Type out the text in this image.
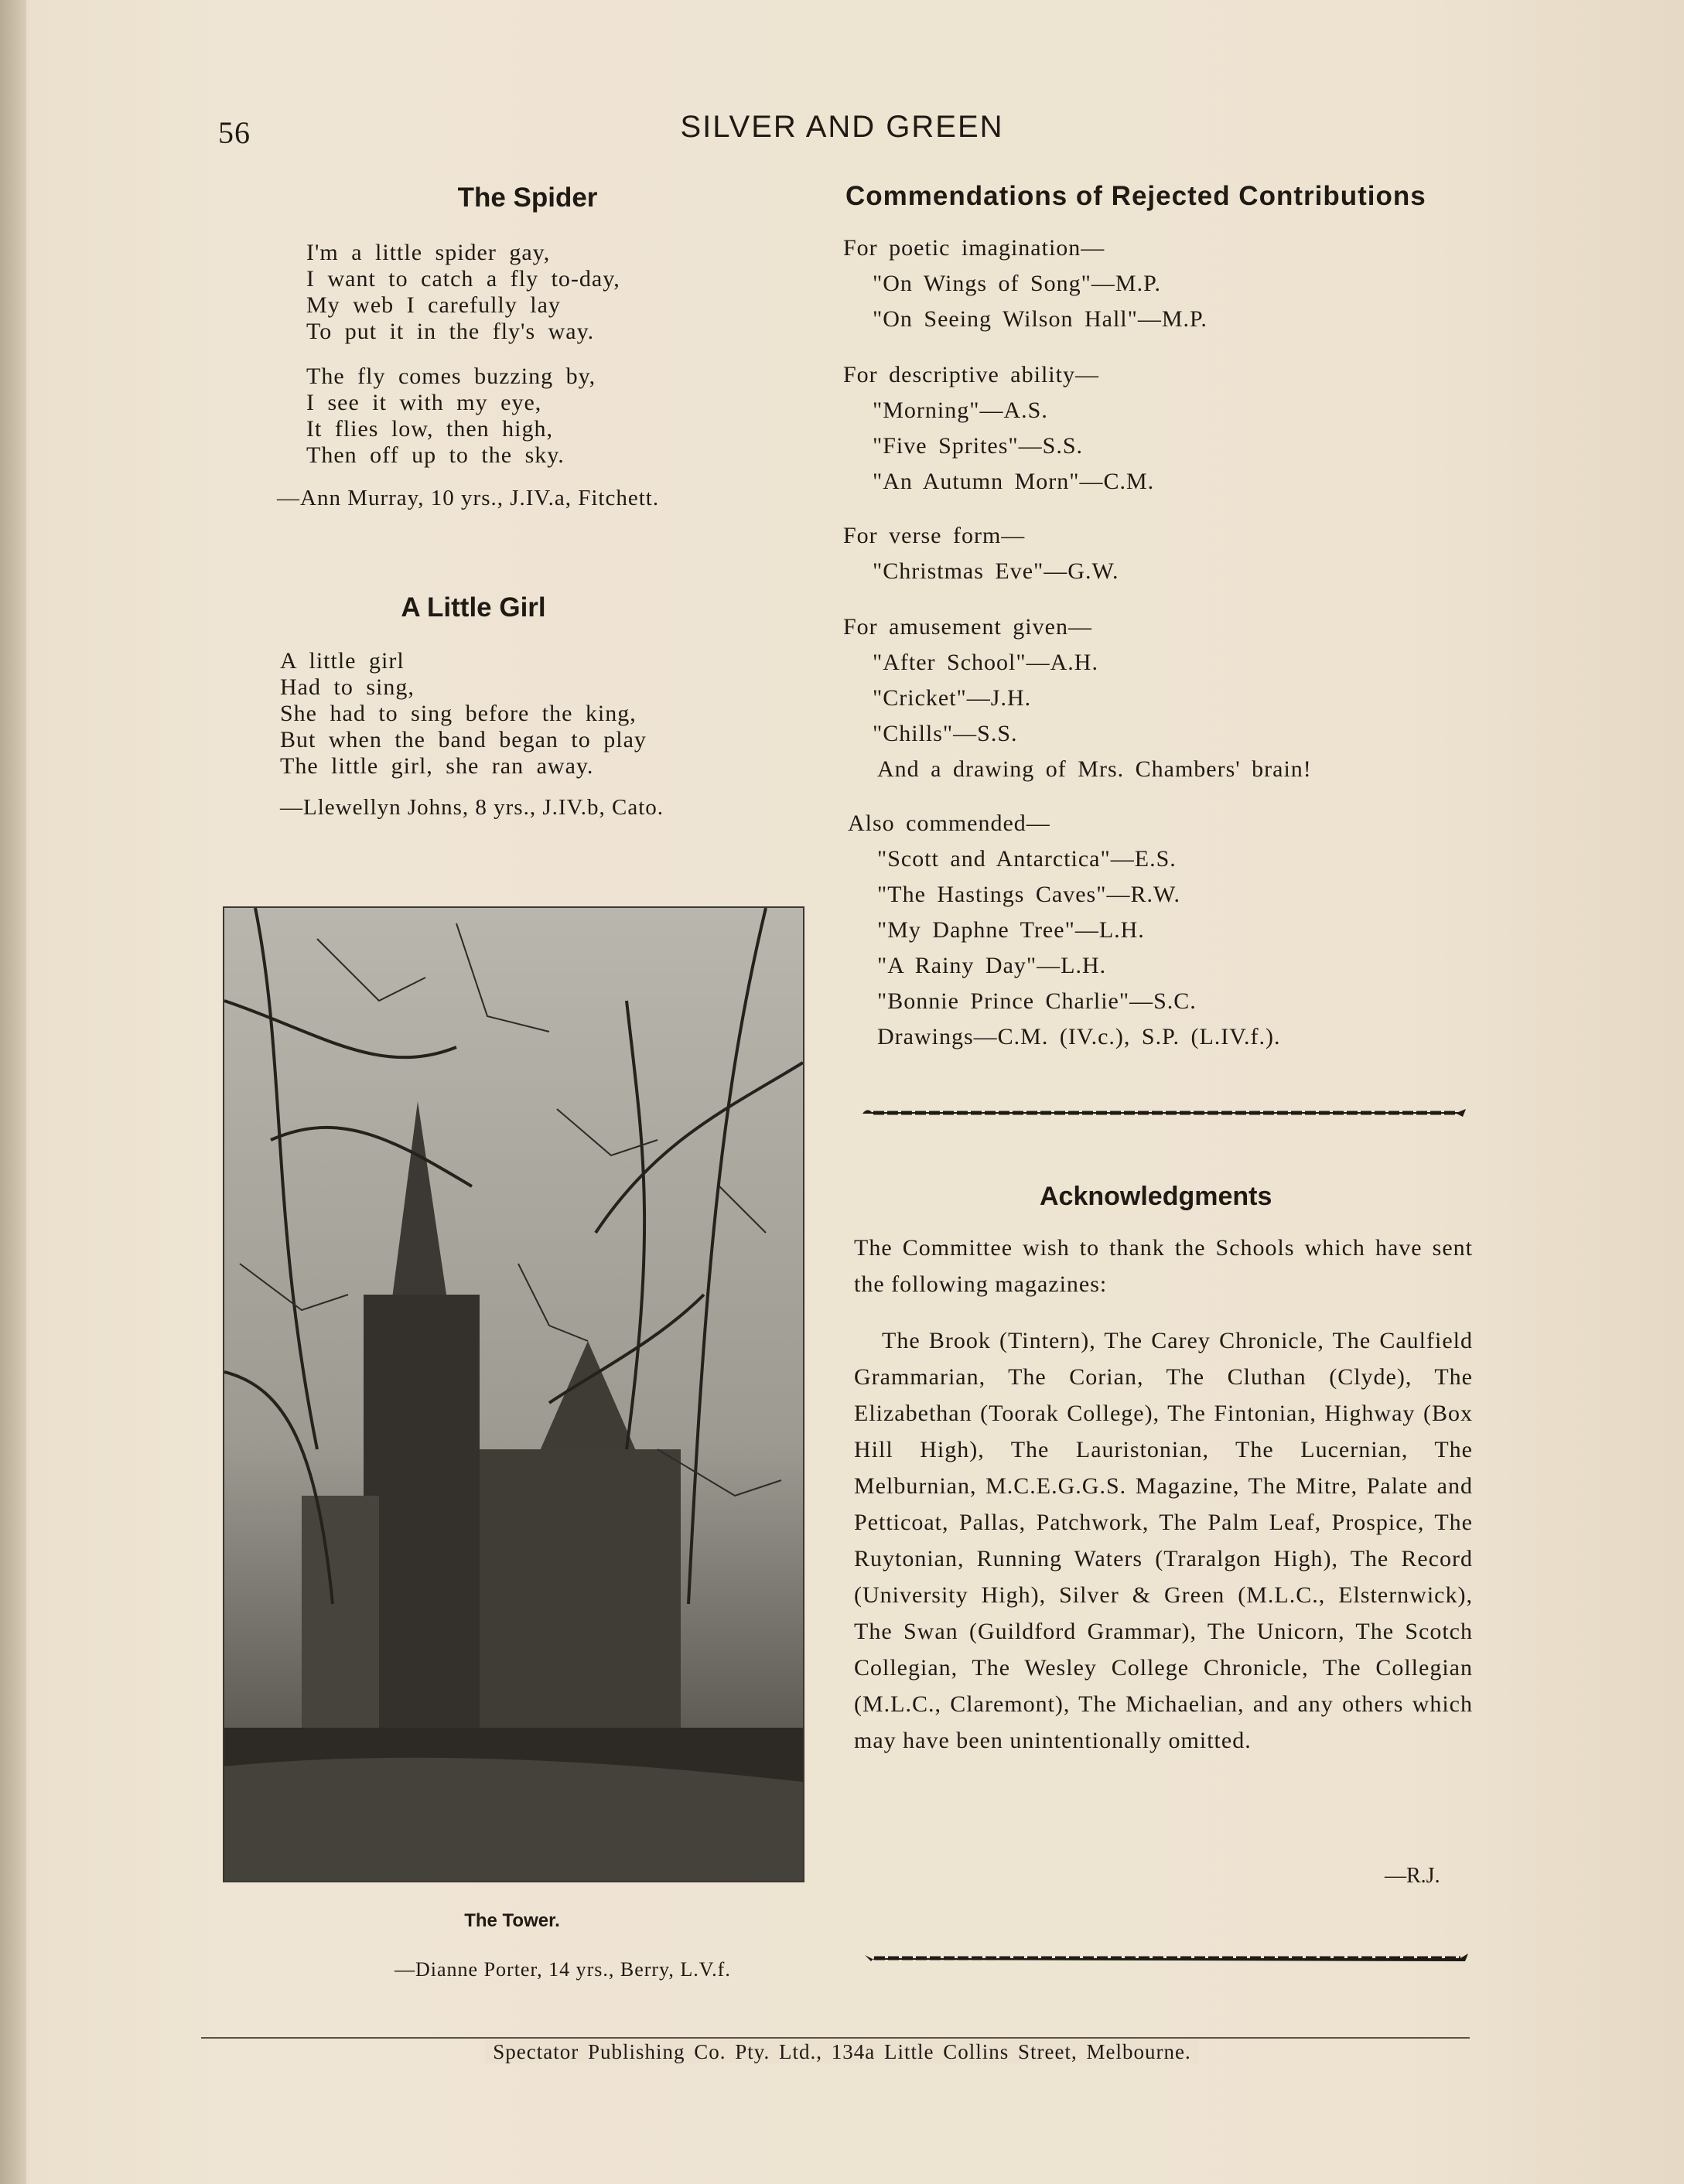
56	SILVER AND GREEN
The Spider
I'm a little spider gay,
I want to catch a fly to-day,
My web I carefully lay
To put it in the fly's way.
The fly comes buzzing by,
I see it with my eye,
It flies low, then high,
Then off up to the sky.
—Ann Murray, 10 yrs., J.IV.a, Fitchett.
A Little Girl
A little girl
Had to sing,
She had to sing before the king,
But when the band began to play
The little girl, she ran away.
—Llewellyn Johns, 8 yrs., J.IV.b, Cato.
The Tower.
—Dianne Porter, 14 yrs., Berry, L.V.f.
Commendations of Rejected Contributions
For poetic imagination—
"On Wings of Song"—M.P.
"On Seeing Wilson Hall"—M.P.
For descriptive ability—
"Morning"—A.S.
"Five Sprites"—S.S.
"An Autumn Morn"—C.M.
For verse form—
"Christmas Eve"—G.W.
For amusement given—
"After School"—A.H.
"Cricket"—J.H.
"Chills"—S.S.
And a drawing of Mrs. Chambers' brain!
Also commended—
"Scott and Antarctica"—E.S.
"The Hastings Caves"—R.W.
"My Daphne Tree"—L.H.
"A Rainy Day"—L.H.
"Bonnie Prince Charlie"—S.C.
Drawings—C.M. (IV.c.), S.P. (L.IV.f.).
Acknowledgments
The Committee wish to thank the Schools which have sent the following magazines:
The Brook (Tintern), The Carey Chronicle, The Caulfield Grammarian, The Corian, The Cluthan (Clyde), The Elizabethan (Toorak College), The Fintonian, Highway (Box Hill High), The Lauristonian, The Lucernian, The Melburnian, M.C.E.G.G.S. Magazine, The Mitre, Palate and Petticoat, Pallas, Patchwork, The Palm Leaf, Prospice, The Ruytonian, Running Waters (Traralgon High), The Record (University High), Silver & Green (M.L.C., Elsternwick), The Swan (Guildford Grammar), The Unicorn, The Scotch Collegian, The Wesley College Chronicle, The Collegian (M.L.C., Claremont), The Michaelian, and any others which may have been unintentionally omitted.
—R.J.
Spectator Publishing Co. Pty. Ltd., 134a Little Collins Street, Melbourne.
